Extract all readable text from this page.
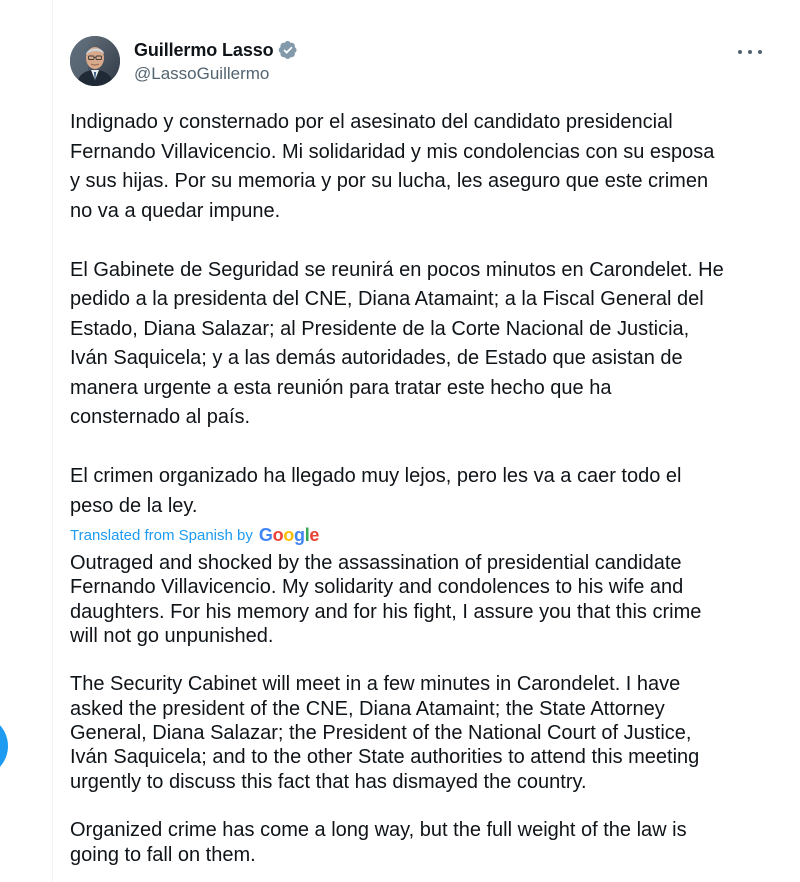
Guillermo Lasso
@LassoGuillermo

Indignado y consternado por el asesinato del candidato presidencial
Fernando Villavicencio. Mi solidaridad y mis condolencias con su esposa
y sus hijas. Por su memoria y por su lucha, les aseguro que este crimen
no va a quedar impune.

El Gabinete de Seguridad se reunirá en pocos minutos en Carondelet. He
pedido a la presidenta del CNE, Diana Atamaint; a la Fiscal General del
Estado, Diana Salazar; al Presidente de la Corte Nacional de Justicia,
Iván Saquicela; y a las demás autoridades, de Estado que asistan de
manera urgente a esta reunión para tratar este hecho que ha
consternado al país.

El crimen organizado ha llegado muy lejos, pero les va a caer todo el
peso de la ley.

Translated from Spanish by Google

Outraged and shocked by the assassination of presidential candidate
Fernando Villavicencio. My solidarity and condolences to his wife and
daughters. For his memory and for his fight, I assure you that this crime
will not go unpunished.

The Security Cabinet will meet in a few minutes in Carondelet. I have
asked the president of the CNE, Diana Atamaint; the State Attorney
General, Diana Salazar; the President of the National Court of Justice,
Iván Saquicela; and to the other State authorities to attend this meeting
urgently to discuss this fact that has dismayed the country.

Organized crime has come a long way, but the full weight of the law is
going to fall on them.
